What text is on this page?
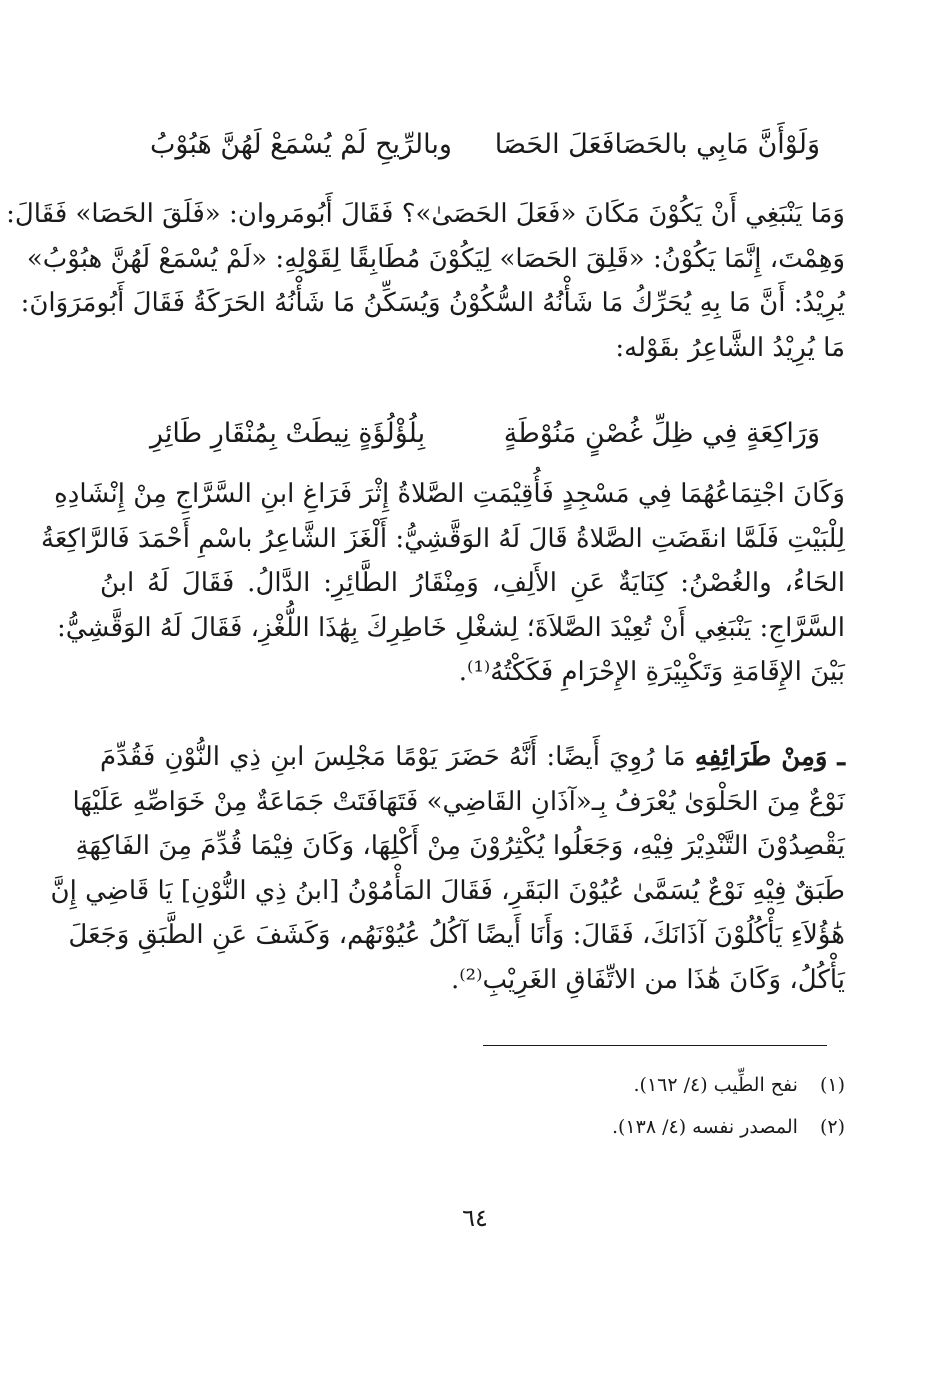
وَلَوْأَنَّ مَابِي بالحَصَافَعَلَ الحَصَا
وبالرِّيحِ لَمْ يُسْمَعْ لَهُنَّ هَبُوْبُ

وَمَا يَنْبَغِي أَنْ يَكُوْنَ مَكَانَ «فَعَلَ الحَصَىٰ»؟ فَقَالَ أَبُومَروان: «فَلَقَ الحَصَا» فَقَالَ:

وَهِمْتَ، إِنَّمَا يَكُوْنُ: «قَلِقَ الحَصَا» لِيَكُوْنَ مُطَابِقًا لِقَوْلِهِ: «لَمْ يُسْمَعْ لَهُنَّ هبُوْبُ»

يُرِيْدُ: أَنَّ مَا بِهِ يُحَرِّكُ مَا شَأْنُهُ السُّكُوْنُ وَيُسَكِّنُ مَا شَأْنُهُ الحَرَكَةُ فَقَالَ أَبُومَرَوَانَ:

مَا يُرِيْدُ الشَّاعِرُ بقَوْله:

وَرَاكِعَةٍ فِي ظِلِّ غُصْنٍ مَنُوْطَةٍ
بِلُؤْلُؤَةٍ نِيطَتْ بِمُنْقَارِ طَائِرِ

وَكَانَ اجْتِمَاعُهُمَا فِي مَسْجِدٍ فَأُقِيْمَتِ الصَّلاةُ إِثْرَ فَرَاغِ ابنِ السَّرَّاجِ مِنْ إِنْشَادِهِ

لِلْبَيْتِ فَلَمَّا انقَضَتِ الصَّلاةُ قَالَ لَهُ الوَقَّشِيُّ: أَلْغَزَ الشَّاعِرُ باسْمِ أَحْمَدَ فَالرَّاكِعَةُ

الحَاءُ، والغُصْنُ: كِنَايَةٌ عَنِ الأَلِفِ، وَمِنْقَارُ الطَّائِرِ: الدَّالُ. فَقَالَ لَهُ ابنُ

السَّرَّاجِ: يَنْبَغِي أَنْ تُعِيْدَ الصَّلاَةَ؛ لِشغْلِ خَاطِرِكَ بِهَٰذَا اللُّغْزِ، فَقَالَ لَهُ الوَقَّشِيُّ:

بَيْنَ الإِقَامَةِ وَتَكْبِيْرَةِ الإِحْرَامِ فَكَكْتُهُ⁽¹⁾.

ـ وَمِنْ طَرَائِفِهِ مَا رُوِيَ أَيضًا: أَنَّهُ حَضَرَ يَوْمًا مَجْلِسَ ابنِ ذِي النُّوْنِ فَقُدِّمَ

نَوْعٌ مِنَ الحَلْوَىٰ يُعْرَفُ بِـ«آذَانِ القَاضِي» فَتَهَافَتَتْ جَمَاعَةٌ مِنْ خَوَاصِّهِ عَلَيْهَا

يَقْصِدُوْنَ التَّنْدِيْرَ فِيْهِ، وَجَعَلُوا يُكْثِرُوْنَ مِنْ أَكْلِهَا، وَكَانَ فِيْمَا قُدِّمَ مِنَ الفَاكِهَةِ

طَبَقٌ فِيْهِ نَوْعٌ يُسَمَّىٰ عُيُوْنَ البَقَرِ، فَقَالَ المَأْمُوْنُ [ابنُ ذِي النُّوْنِ] يَا قَاضِي إِنَّ

هَٰؤُلاَءِ يَأْكُلُوْنَ آذَانَكَ، فَقَالَ: وَأَنَا أَيضًا آكُلُ عُيُوْنَهُم، وَكَشَفَ عَنِ الطَّبَقِ وَجَعَلَ

يَأْكُلُ، وَكَانَ هَٰذَا من الاتِّفَاقِ الغَرِيْبِ⁽²⁾.

(١)نفح الطِّيب (٤/ ١٦٢).
(٢)المصدر نفسه (٤/ ١٣٨).
٦٤
